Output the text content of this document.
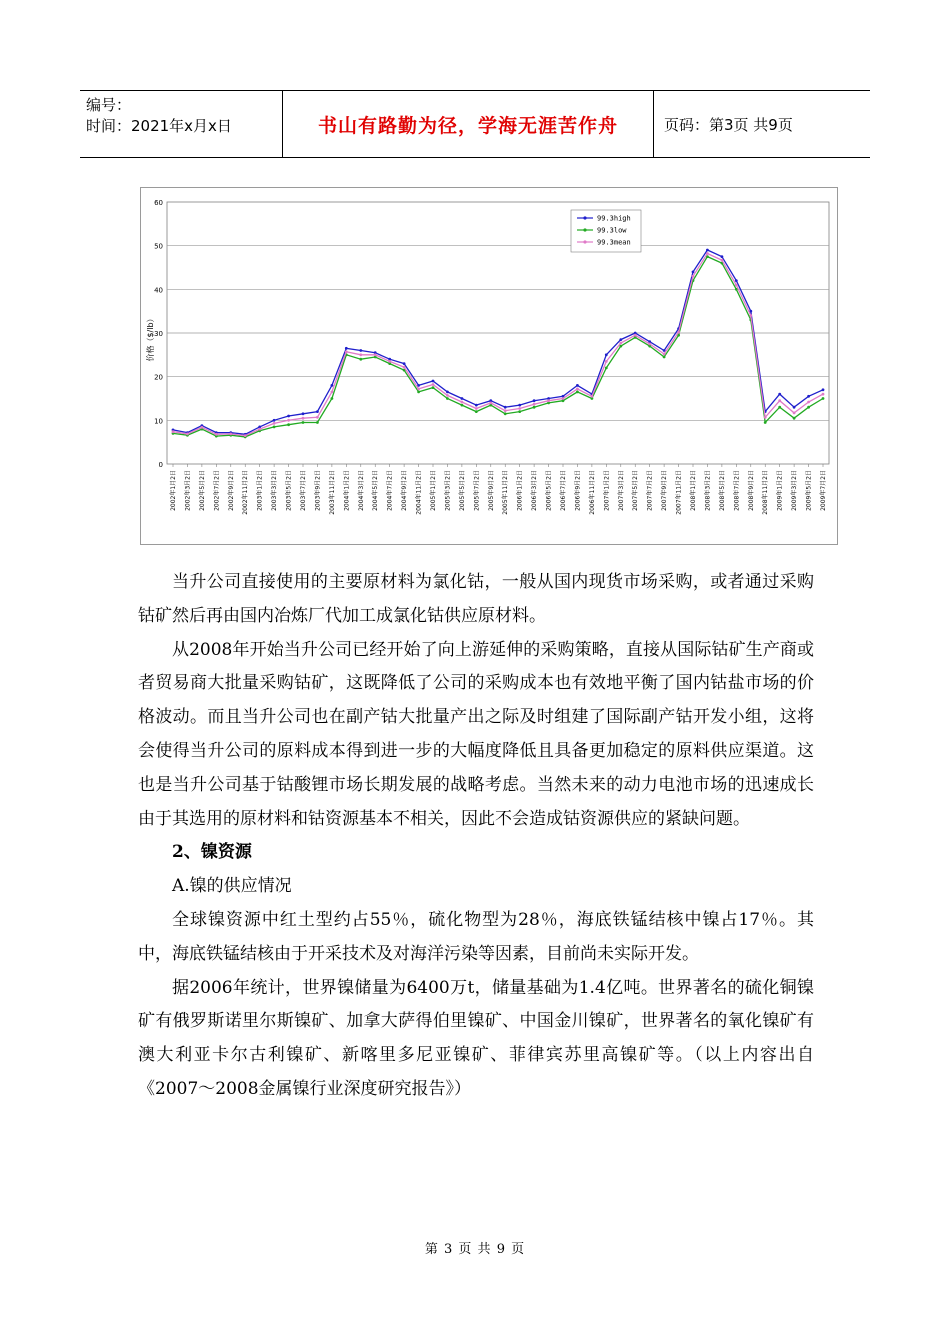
编号：
时间：2021年x月x日	书山有路勤为径，学海无涯苦作舟	页码：第3页 共9页
0
10
20
30
40
50
60
价格（$/lb）
2002年1月2日 2002年3月2日 2002年5月2日 2002年7月2日 2002年9月2日 2002年11月2日 2003年1月2日 2003年3月2日 2003年5月2日 2003年7月2日 2003年9月2日 2003年11月2日 2004年1月2日 2004年3月2日 2004年5月2日 2004年7月2日 2004年9月2日 2004年11月2日 2005年1月2日 2005年3月2日 2005年5月2日 2005年7月2日 2005年9月2日 2005年11月2日 2006年1月2日 2006年3月2日 2006年5月2日 2006年7月2日 2006年9月2日 2006年11月2日 2007年1月2日 2007年3月2日 2007年5月2日 2007年7月2日 2007年9月2日 2007年11月2日 2008年1月2日 2008年3月2日 2008年5月2日 2008年7月2日 2008年9月2日 2008年11月2日 2009年1月2日 2009年3月2日 2009年5月2日 2009年7月2日
99.3high
99.3low
99.3mean

当升公司直接使用的主要原材料为氯化钴，一般从国内现货市场采购，或者通过采购钴矿然后再由国内冶炼厂代加工成氯化钴供应原材料。

从2008年开始当升公司已经开始了向上游延伸的采购策略，直接从国际钴矿生产商或者贸易商大批量采购钴矿，这既降低了公司的采购成本也有效地平衡了国内钴盐市场的价格波动。而且当升公司也在副产钴大批量产出之际及时组建了国际副产钴开发小组，这将会使得当升公司的原料成本得到进一步的大幅度降低且具备更加稳定的原料供应渠道。这也是当升公司基于钴酸锂市场长期发展的战略考虑。当然未来的动力电池市场的迅速成长由于其选用的原材料和钴资源基本不相关，因此不会造成钴资源供应的紧缺问题。

2、镍资源

A.镍的供应情况

全球镍资源中红土型约占55％，硫化物型为28％，海底铁锰结核中镍占17％。其中，海底铁锰结核由于开采技术及对海洋污染等因素，目前尚未实际开发。

据2006年统计，世界镍储量为6400万t，储量基础为1.4亿吨。世界著名的硫化铜镍矿有俄罗斯诺里尔斯镍矿、加拿大萨得伯里镍矿、中国金川镍矿，世界著名的氧化镍矿有澳大利亚卡尔古利镍矿、新喀里多尼亚镍矿、菲律宾苏里高镍矿等。（以上内容出自《2007～2008金属镍行业深度研究报告》）

第 3 页 共 9 页
